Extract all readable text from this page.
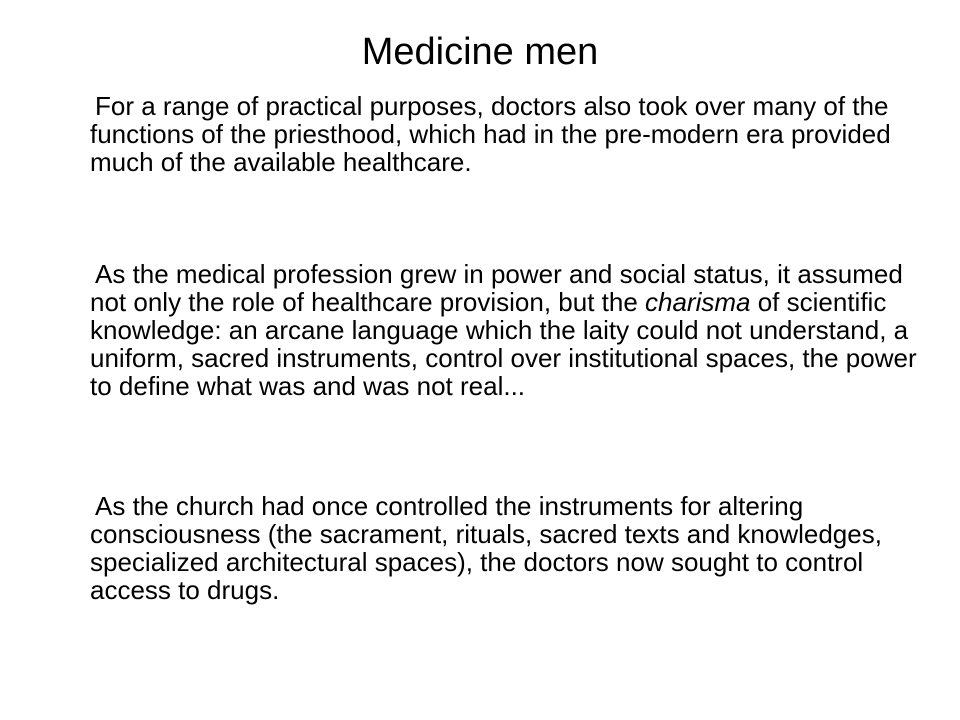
Medicine men

For a range of practical purposes, doctors also took over many of the functions of the priesthood, which had in the pre-modern era provided much of the available healthcare.

As the medical profession grew in power and social status, it assumed not only the role of healthcare provision, but the charisma of scientific knowledge: an arcane language which the laity could not understand, a uniform, sacred instruments, control over institutional spaces, the power to define what was and was not real...

As the church had once controlled the instruments for altering consciousness (the sacrament, rituals, sacred texts and knowledges, specialized architectural spaces), the doctors now sought to control access to drugs.
